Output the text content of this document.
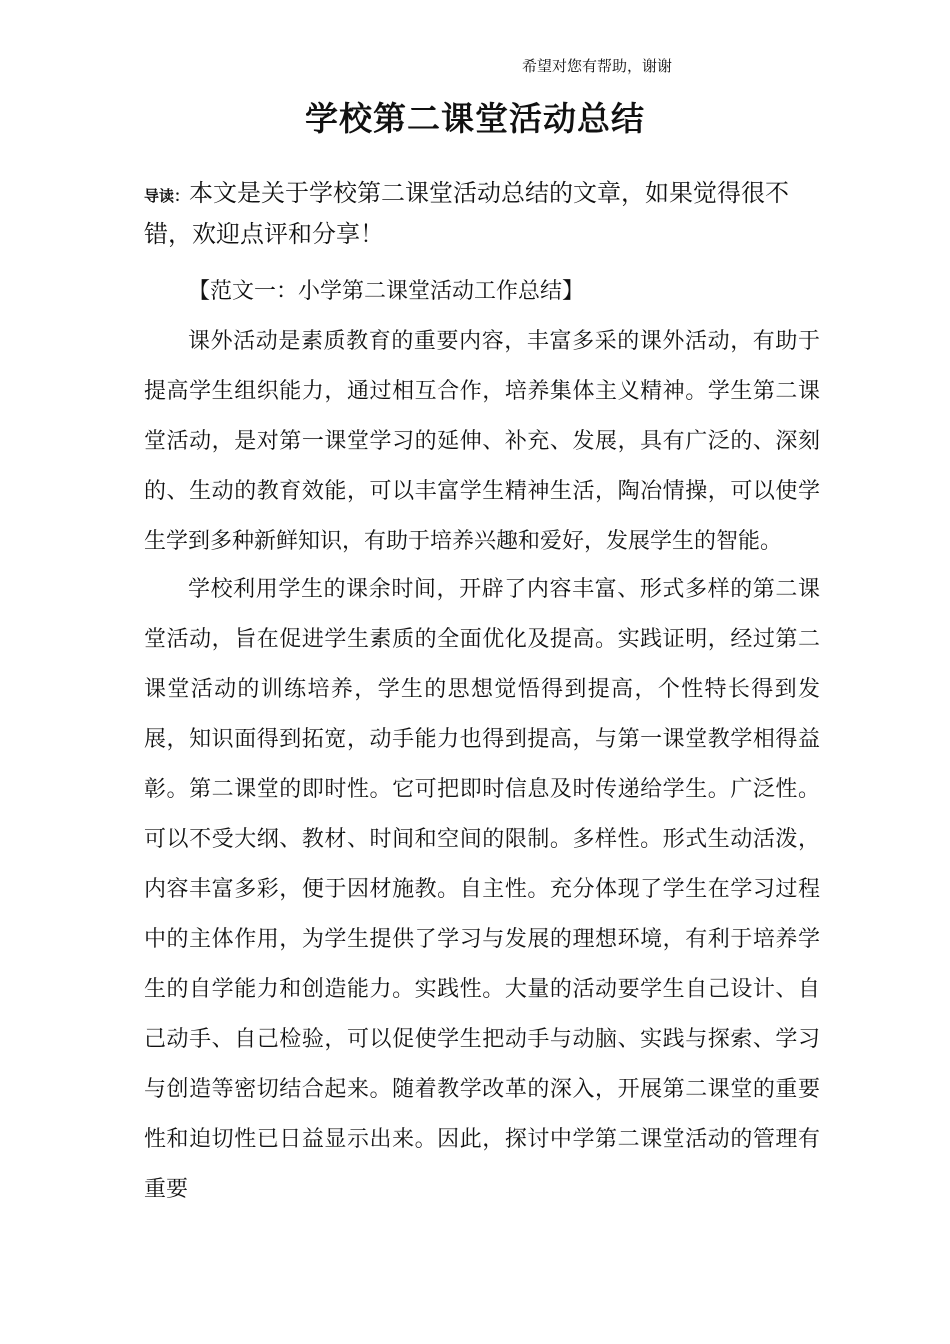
希望对您有帮助，谢谢
学校第二课堂活动总结

导读：本文是关于学校第二课堂活动总结的文章，如果觉得很不错，欢迎点评和分享！

【范文一：小学第二课堂活动工作总结】

课外活动是素质教育的重要内容，丰富多采的课外活动，有助于提高学生组织能力，通过相互合作，培养集体主义精神。学生第二课堂活动，是对第一课堂学习的延伸、补充、发展，具有广泛的、深刻的、生动的教育效能，可以丰富学生精神生活，陶冶情操，可以使学生学到多种新鲜知识，有助于培养兴趣和爱好，发展学生的智能。

学校利用学生的课余时间，开辟了内容丰富、形式多样的第二课堂活动，旨在促进学生素质的全面优化及提高。实践证明，经过第二课堂活动的训练培养，学生的思想觉悟得到提高，个性特长得到发展，知识面得到拓宽，动手能力也得到提高，与第一课堂教学相得益彰。第二课堂的即时性。它可把即时信息及时传递给学生。广泛性。可以不受大纲、教材、时间和空间的限制。多样性。形式生动活泼，内容丰富多彩，便于因材施教。自主性。充分体现了学生在学习过程中的主体作用，为学生提供了学习与发展的理想环境，有利于培养学生的自学能力和创造能力。实践性。大量的活动要学生自己设计、自己动手、自己检验，可以促使学生把动手与动脑、实践与探索、学习与创造等密切结合起来。随着教学改革的深入，开展第二课堂的重要性和迫切性已日益显示出来。因此，探讨中学第二课堂活动的管理有重要
